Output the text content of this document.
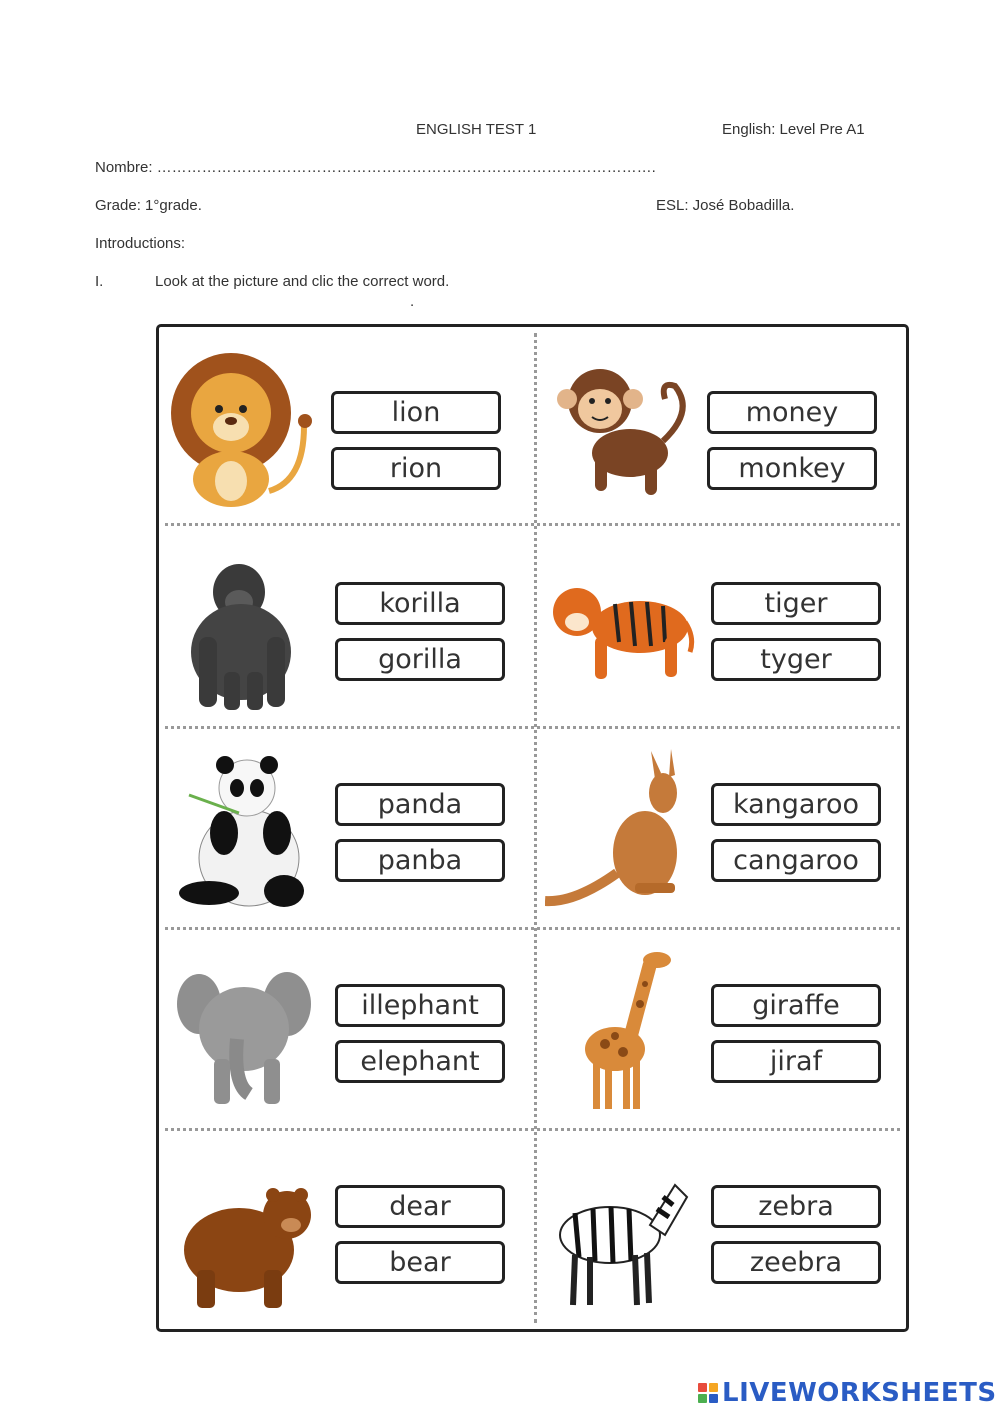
ENGLISH TEST 1	English: Level Pre A1
Nombre: ……………………………………………………………………………………….
Grade: 1°grade.	ESL: José Bobadilla.
Introductions:
I.	Look at the picture and clic the correct word.
.
lion
rion
money
monkey
korilla
gorilla
tiger
tyger
panda
panba
kangaroo
cangaroo
illephant
elephant
giraffe
jiraf
dear
bear
zebra
zeebra
LIVEWORKSHEETS
